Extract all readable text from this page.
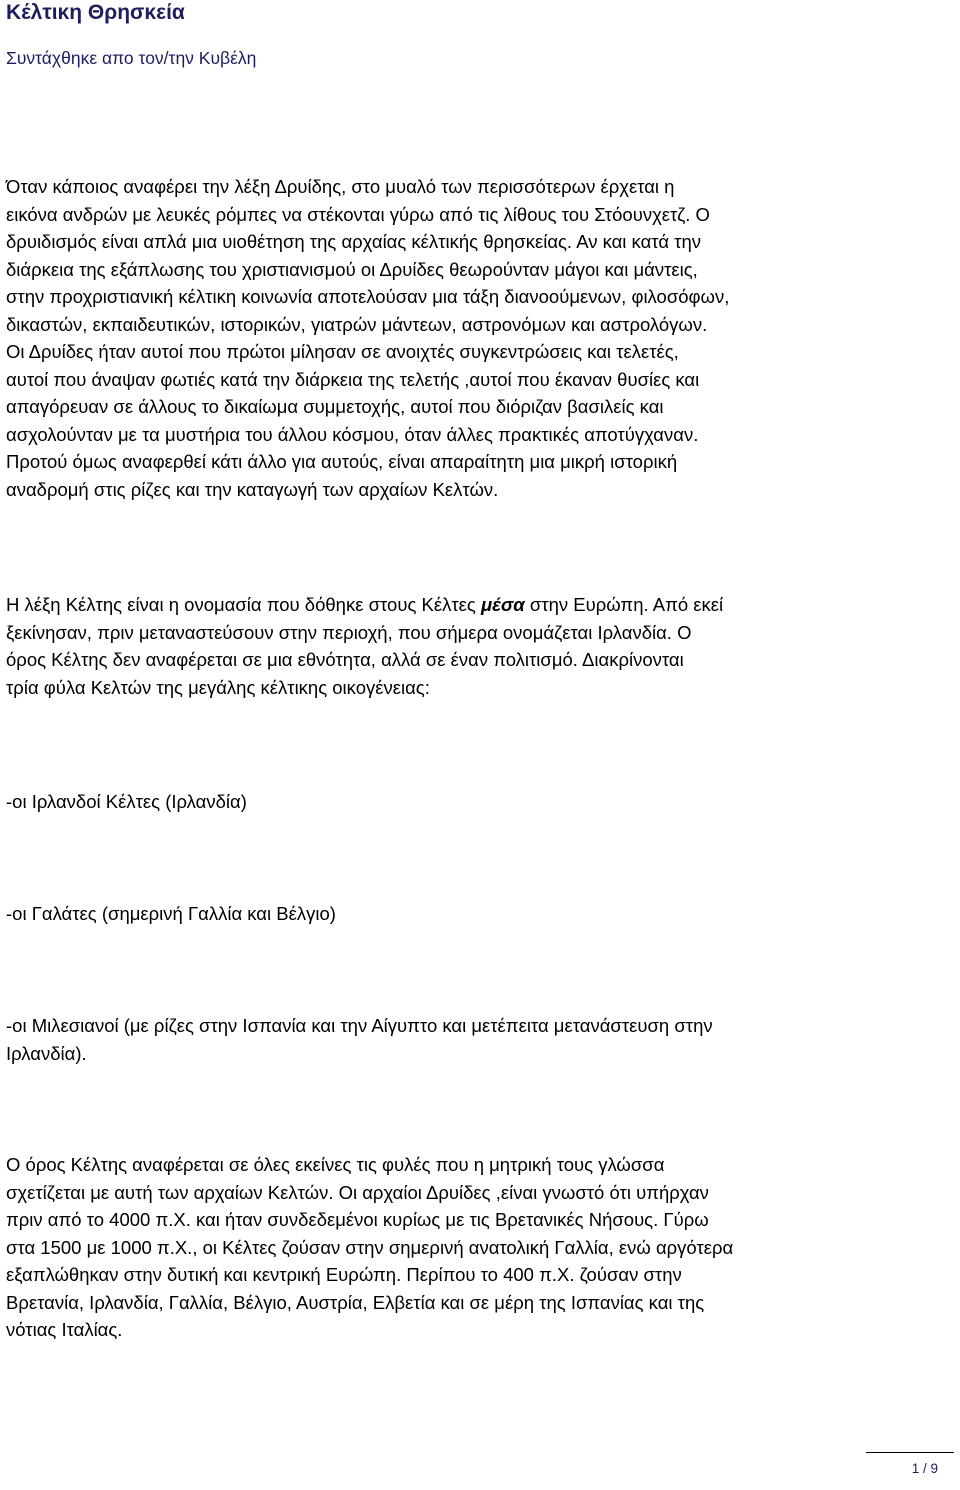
Κέλτικη Θρησκεία
Συντάχθηκε απο τον/την Κυβέλη

Όταν κάποιος αναφέρει την λέξη Δρυίδης, στο μυαλό των περισσότερων έρχεται η
εικόνα ανδρών με λευκές ρόμπες να στέκονται γύρω από τις λίθους του Στόουνχετζ. Ο
δρυιδισμός είναι απλά μια υιοθέτηση της αρχαίας κέλτικής θρησκείας. Αν και κατά την
διάρκεια της εξάπλωσης του χριστιανισμού οι Δρυίδες θεωρούνταν μάγοι και μάντεις,
στην προχριστιανική κέλτικη κοινωνία αποτελούσαν μια τάξη διανοούμενων, φιλοσόφων,
δικαστών, εκπαιδευτικών, ιστορικών, γιατρών μάντεων, αστρονόμων και αστρολόγων.
Οι Δρυίδες ήταν αυτοί που πρώτοι μίλησαν σε ανοιχτές συγκεντρώσεις και τελετές,
αυτοί που άναψαν φωτιές κατά την διάρκεια της τελετής ,αυτοί που έκαναν θυσίες και
απαγόρευαν σε άλλους το δικαίωμα συμμετοχής, αυτοί που διόριζαν βασιλείς και
ασχολούνταν με τα μυστήρια του άλλου κόσμου, όταν άλλες πρακτικές αποτύγχαναν.
Προτού όμως αναφερθεί κάτι άλλο για αυτούς, είναι απαραίτητη μια μικρή ιστορική
αναδρομή στις ρίζες και την καταγωγή των αρχαίων Κελτών.

Η λέξη Κέλτης είναι η ονομασία που δόθηκε στους Κέλτες μέσα στην Ευρώπη. Από εκεί
ξεκίνησαν, πριν μεταναστεύσουν στην περιοχή, που σήμερα ονομάζεται Ιρλανδία. Ο
όρος Κέλτης δεν αναφέρεται σε μια εθνότητα, αλλά σε έναν πολιτισμό. Διακρίνονται
τρία φύλα Κελτών της μεγάλης κέλτικης οικογένειας:

-οι Ιρλανδοί Κέλτες (Ιρλανδία)

-οι Γαλάτες (σημερινή Γαλλία και Βέλγιο)

-οι Μιλεσιανοί (με ρίζες στην Ισπανία και την Αίγυπτο και μετέπειτα μετανάστευση στην
Ιρλανδία).

Ο όρος Κέλτης αναφέρεται σε όλες εκείνες τις φυλές που η μητρική τους γλώσσα
σχετίζεται με αυτή των αρχαίων Κελτών. Οι αρχαίοι Δρυίδες ,είναι γνωστό ότι υπήρχαν
πριν από το 4000 π.Χ. και ήταν συνδεδεμένοι κυρίως με τις Βρετανικές Νήσους. Γύρω
στα 1500 με 1000 π.Χ., οι Κέλτες ζούσαν στην σημερινή ανατολική Γαλλία, ενώ αργότερα
εξαπλώθηκαν στην δυτική και κεντρική Ευρώπη. Περίπου το 400 π.Χ. ζούσαν στην
Βρετανία, Ιρλανδία, Γαλλία, Βέλγιο, Αυστρία, Ελβετία και σε μέρη της Ισπανίας και της
νότιας Ιταλίας.

1 / 9
